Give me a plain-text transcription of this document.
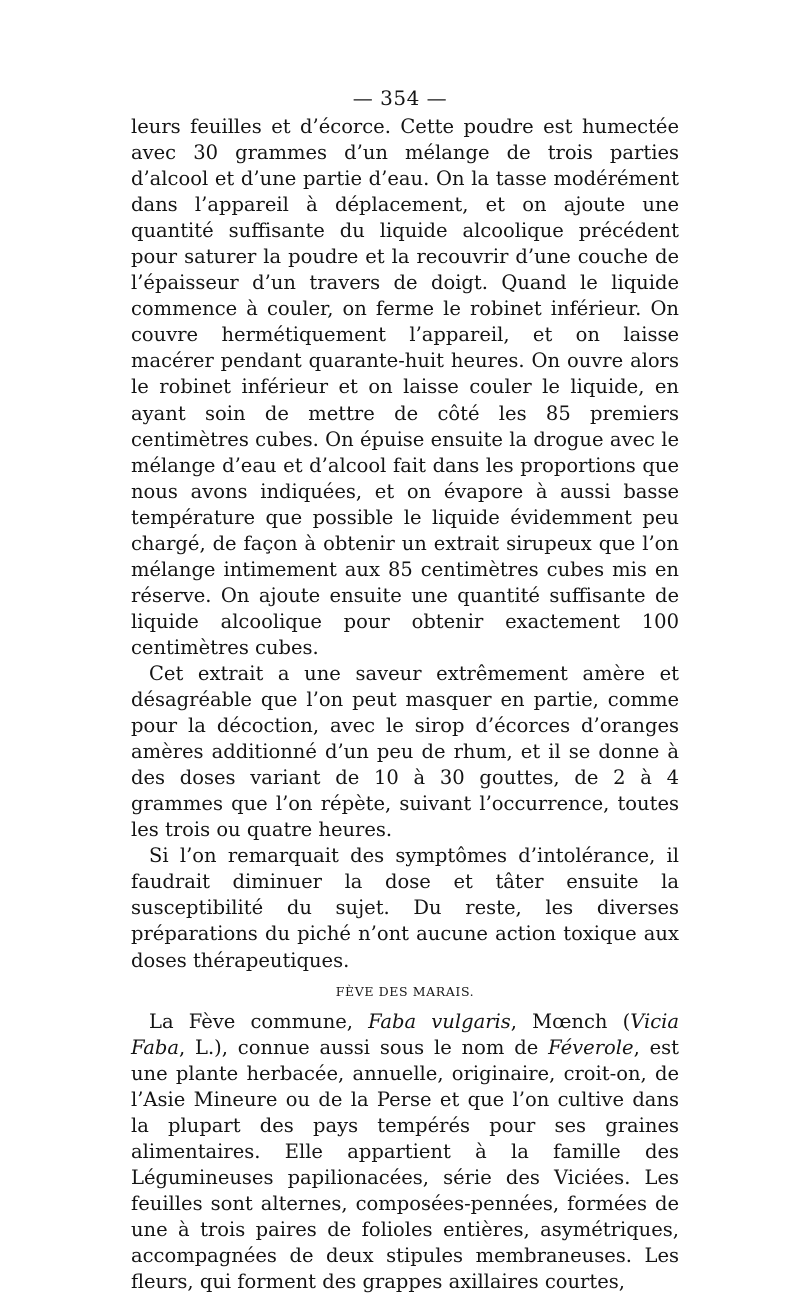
— 354 —

leurs feuilles et d’écorce. Cette poudre est humectée avec 30 grammes d’un mélange de trois parties d’alcool et d’une partie d’eau. On la tasse modérément dans l’appareil à déplacement, et on ajoute une quantité suffisante du liquide alcoolique précédent pour saturer la poudre et la recouvrir d’une couche de l’épaisseur d’un travers de doigt. Quand le liquide commence à couler, on ferme le robinet inférieur. On couvre hermétiquement l’appareil, et on laisse macérer pendant quarante-huit heures. On ouvre alors le robinet inférieur et on laisse couler le liquide, en ayant soin de mettre de côté les 85 premiers centimètres cubes. On épuise ensuite la drogue avec le mélange d’eau et d’alcool fait dans les proportions que nous avons indiquées, et on évapore à aussi basse température que possible le liquide évidemment peu chargé, de façon à obtenir un extrait sirupeux que l’on mélange intimement aux 85 centimètres cubes mis en réserve. On ajoute ensuite une quantité suffisante de liquide alcoolique pour obtenir exactement 100 centimètres cubes.

Cet extrait a une saveur extrêmement amère et désagréable que l’on peut masquer en partie, comme pour la décoction, avec le sirop d’écorces d’oranges amères additionné d’un peu de rhum, et il se donne à des doses variant de 10 à 30 gouttes, de 2 à 4 grammes que l’on répète, suivant l’occurrence, toutes les trois ou quatre heures.

Si l’on remarquait des symptômes d’intolérance, il faudrait diminuer la dose et tâter ensuite la susceptibilité du sujet. Du reste, les diverses préparations du piché n’ont aucune action toxique aux doses thérapeutiques.

FÈVE DES MARAIS.

La Fève commune, Faba vulgaris, Mœnch (Vicia Faba, L.), connue aussi sous le nom de Féverole, est une plante herbacée, annuelle, originaire, croit-on, de l’Asie Mineure ou de la Perse et que l’on cultive dans la plupart des pays tempérés pour ses graines alimentaires. Elle appartient à la famille des Légumineuses papilionacées, série des Viciées. Les feuilles sont alternes, composées-pennées, formées de une à trois paires de folioles entières, asymétriques, accompagnées de deux stipules membraneuses. Les fleurs, qui forment des grappes axillaires courtes,
